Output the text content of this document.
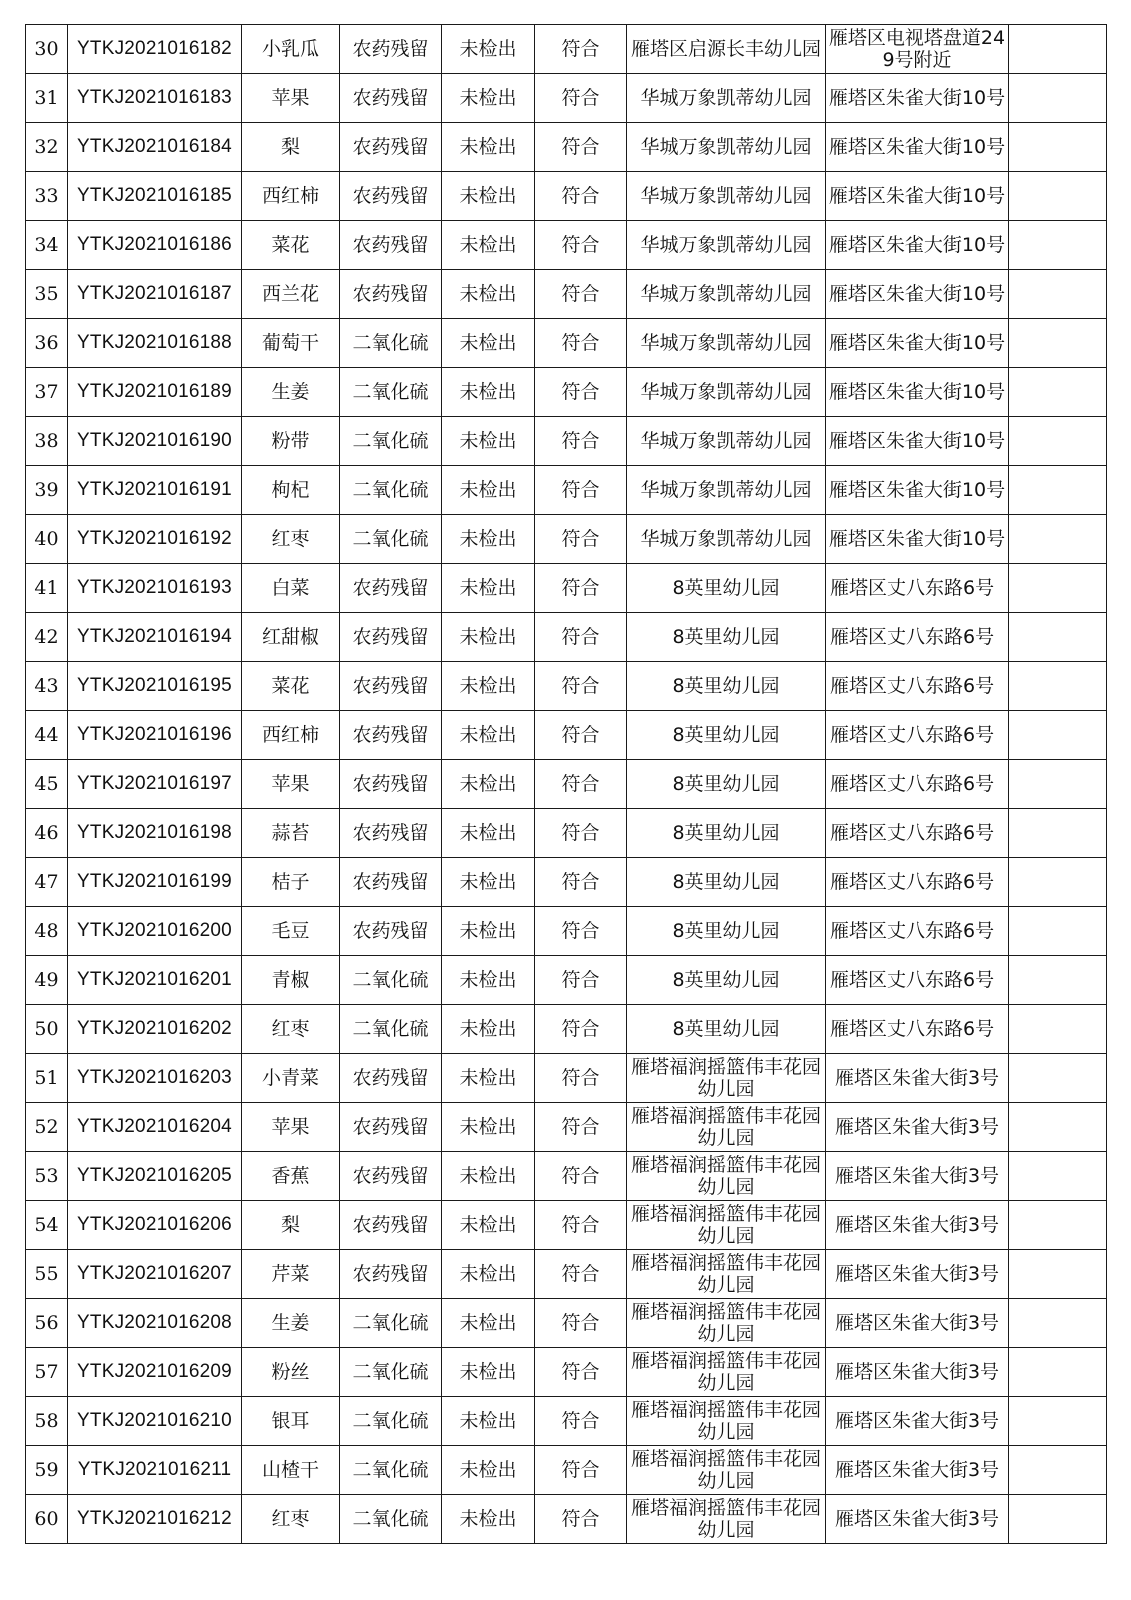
30	YTKJ2021016182	小乳瓜	农药残留	未检出	符合	雁塔区启源长丰幼儿园	雁塔区电视塔盘道249号附近	
31	YTKJ2021016183	苹果	农药残留	未检出	符合	华城万象凯蒂幼儿园	雁塔区朱雀大街10号	
32	YTKJ2021016184	梨	农药残留	未检出	符合	华城万象凯蒂幼儿园	雁塔区朱雀大街10号	
33	YTKJ2021016185	西红柿	农药残留	未检出	符合	华城万象凯蒂幼儿园	雁塔区朱雀大街10号	
34	YTKJ2021016186	菜花	农药残留	未检出	符合	华城万象凯蒂幼儿园	雁塔区朱雀大街10号	
35	YTKJ2021016187	西兰花	农药残留	未检出	符合	华城万象凯蒂幼儿园	雁塔区朱雀大街10号	
36	YTKJ2021016188	葡萄干	二氧化硫	未检出	符合	华城万象凯蒂幼儿园	雁塔区朱雀大街10号	
37	YTKJ2021016189	生姜	二氧化硫	未检出	符合	华城万象凯蒂幼儿园	雁塔区朱雀大街10号	
38	YTKJ2021016190	粉带	二氧化硫	未检出	符合	华城万象凯蒂幼儿园	雁塔区朱雀大街10号	
39	YTKJ2021016191	枸杞	二氧化硫	未检出	符合	华城万象凯蒂幼儿园	雁塔区朱雀大街10号	
40	YTKJ2021016192	红枣	二氧化硫	未检出	符合	华城万象凯蒂幼儿园	雁塔区朱雀大街10号	
41	YTKJ2021016193	白菜	农药残留	未检出	符合	8英里幼儿园	雁塔区丈八东路6号	
42	YTKJ2021016194	红甜椒	农药残留	未检出	符合	8英里幼儿园	雁塔区丈八东路6号	
43	YTKJ2021016195	菜花	农药残留	未检出	符合	8英里幼儿园	雁塔区丈八东路6号	
44	YTKJ2021016196	西红柿	农药残留	未检出	符合	8英里幼儿园	雁塔区丈八东路6号	
45	YTKJ2021016197	苹果	农药残留	未检出	符合	8英里幼儿园	雁塔区丈八东路6号	
46	YTKJ2021016198	蒜苔	农药残留	未检出	符合	8英里幼儿园	雁塔区丈八东路6号	
47	YTKJ2021016199	桔子	农药残留	未检出	符合	8英里幼儿园	雁塔区丈八东路6号	
48	YTKJ2021016200	毛豆	农药残留	未检出	符合	8英里幼儿园	雁塔区丈八东路6号	
49	YTKJ2021016201	青椒	二氧化硫	未检出	符合	8英里幼儿园	雁塔区丈八东路6号	
50	YTKJ2021016202	红枣	二氧化硫	未检出	符合	8英里幼儿园	雁塔区丈八东路6号	
51	YTKJ2021016203	小青菜	农药残留	未检出	符合	雁塔福润摇篮伟丰花园幼儿园	雁塔区朱雀大街3号	
52	YTKJ2021016204	苹果	农药残留	未检出	符合	雁塔福润摇篮伟丰花园幼儿园	雁塔区朱雀大街3号	
53	YTKJ2021016205	香蕉	农药残留	未检出	符合	雁塔福润摇篮伟丰花园幼儿园	雁塔区朱雀大街3号	
54	YTKJ2021016206	梨	农药残留	未检出	符合	雁塔福润摇篮伟丰花园幼儿园	雁塔区朱雀大街3号	
55	YTKJ2021016207	芹菜	农药残留	未检出	符合	雁塔福润摇篮伟丰花园幼儿园	雁塔区朱雀大街3号	
56	YTKJ2021016208	生姜	二氧化硫	未检出	符合	雁塔福润摇篮伟丰花园幼儿园	雁塔区朱雀大街3号	
57	YTKJ2021016209	粉丝	二氧化硫	未检出	符合	雁塔福润摇篮伟丰花园幼儿园	雁塔区朱雀大街3号	
58	YTKJ2021016210	银耳	二氧化硫	未检出	符合	雁塔福润摇篮伟丰花园幼儿园	雁塔区朱雀大街3号	
59	YTKJ2021016211	山楂干	二氧化硫	未检出	符合	雁塔福润摇篮伟丰花园幼儿园	雁塔区朱雀大街3号	
60	YTKJ2021016212	红枣	二氧化硫	未检出	符合	雁塔福润摇篮伟丰花园幼儿园	雁塔区朱雀大街3号	
